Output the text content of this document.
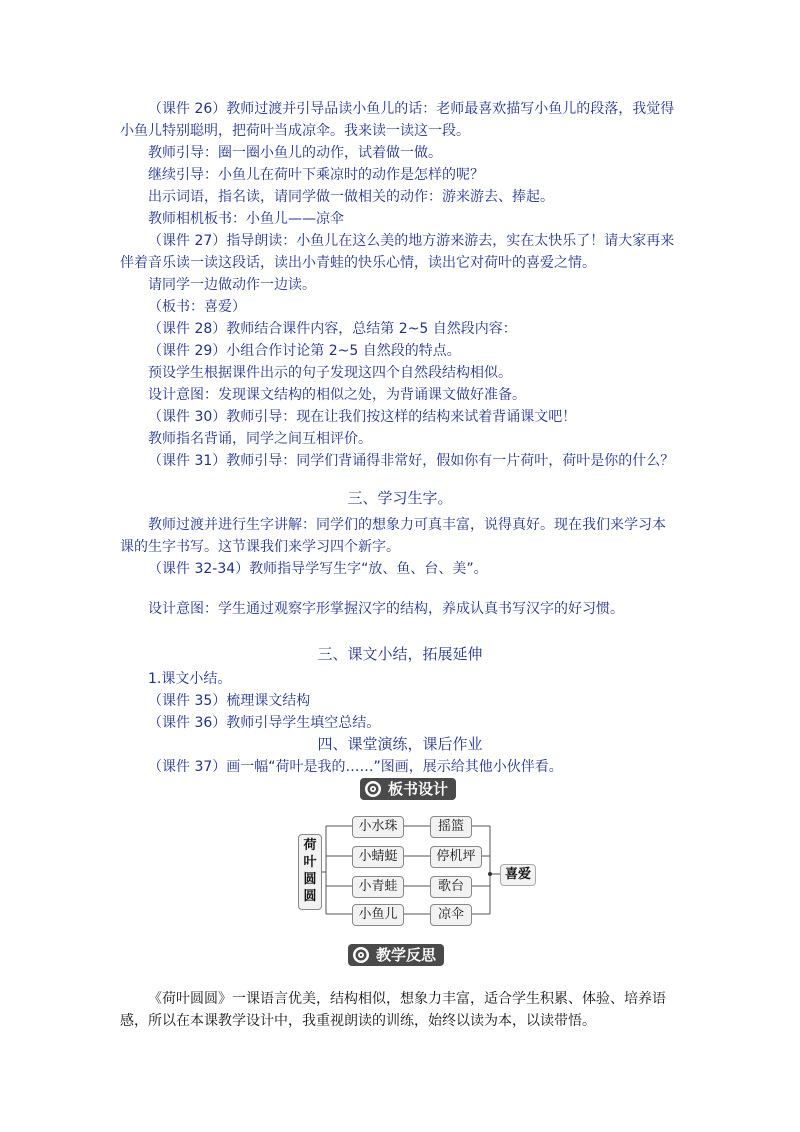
（课件 26）教师过渡并引导品读小鱼儿的话：老师最喜欢描写小鱼儿的段落，我觉得
小鱼儿特别聪明，把荷叶当成凉伞。我来读一读这一段。
教师引导：圈一圈小鱼儿的动作，试着做一做。
继续引导：小鱼儿在荷叶下乘凉时的动作是怎样的呢？
出示词语，指名读，请同学做一做相关的动作：游来游去、捧起。
教师相机板书：小鱼儿——凉伞
（课件 27）指导朗读：小鱼儿在这么美的地方游来游去，实在太快乐了！请大家再来
伴着音乐读一读这段话，读出小青蛙的快乐心情，读出它对荷叶的喜爱之情。
请同学一边做动作一边读。
（板书：喜爱）
（课件 28）教师结合课件内容，总结第 2~5 自然段内容：
（课件 29）小组合作讨论第 2~5 自然段的特点。
预设学生根据课件出示的句子发现这四个自然段结构相似。
设计意图：发现课文结构的相似之处，为背诵课文做好准备。
（课件 30）教师引导：现在让我们按这样的结构来试着背诵课文吧！
教师指名背诵，同学之间互相评价。
（课件 31）教师引导：同学们背诵得非常好，假如你有一片荷叶，荷叶是你的什么？
三、学习生字。
教师过渡并进行生字讲解：同学们的想象力可真丰富，说得真好。现在我们来学习本
课的生字书写。这节课我们来学习四个新字。
（课件 32-34）教师指导学写生字“放、鱼、台、美”。
设计意图：学生通过观察字形掌握汉字的结构，养成认真书写汉字的好习惯。
三、课文小结，拓展延伸
1.课文小结。
（课件 35）梳理课文结构
（课件 36）教师引导学生填空总结。
四、课堂演练，课后作业
（课件 37）画一幅“荷叶是我的……”图画，展示给其他小伙伴看。
板书设计
荷叶圆圆
小水珠
小蜻蜓
小青蛙
小鱼儿
摇篮
停机坪
歌台
凉伞
喜爱
教学反思
《荷叶圆圆》一课语言优美，结构相似，想象力丰富，适合学生积累、体验、培养语
感，所以在本课教学设计中，我重视朗读的训练，始终以读为本，以读带悟。
